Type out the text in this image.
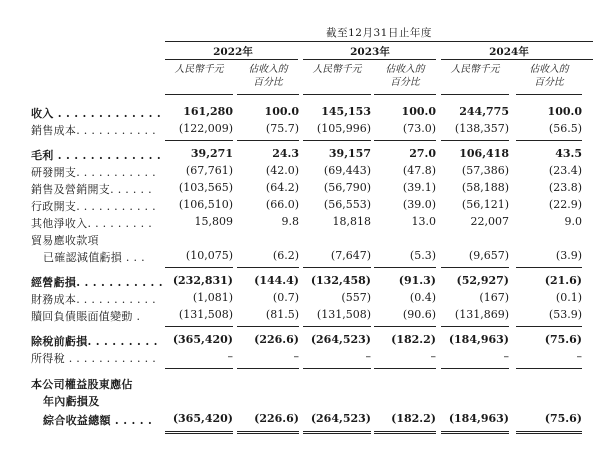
截至12月31日止年度
2022年	2023年	2024年
人民幣千元	佔收入的
百分比
人民幣千元	佔收入的
百分比
人民幣千元	佔收入的
百分比
收入 . . . . . . . . . . . . . 161,280	100.0 145,153	100.0 244,775	100.0
銷售成本. . . . . . . . . . . (122,009)	(75.7) (105,996)	(73.0) (138,357)	(56.5)
毛利 . . . . . . . . . . . . .	39,271	24.3	39,157	27.0 106,418	43.5
研發開支. . . . . . . . . . .	(67,761)	(42.0) (69,443)	(47.8) (57,386)	(23.4)
銷售及營銷開支. . . . . . (103,565)	(64.2) (56,790)	(39.1) (58,188)	(23.8)
行政開支. . . . . . . . . . . (106,510)	(66.0) (56,553)	(39.0) (56,121)	(22.9)
其他淨收入. . . . . . . . .	15,809	9.8	18,818	13.0	22,007	9.0
貿易應收款項
已確認減值虧損 . . .	(10,075)	(6.2)	(7,647)	(5.3)	(9,657)	(3.9)
經營虧損. . . . . . . . . . . (232,831) (144.4) (132,458)	(91.3) (52,927)	(21.6)
財務成本. . . . . . . . . . .	(1,081)	(0.7)	(557)	(0.4)	(167)	(0.1)
贖回負債賬面值變動 .	(131,508)	(81.5) (131,508)	(90.6) (131,869)	(53.9)
除稅前虧損. . . . . . . . . (365,420) (226.6) (264,523) (182.2) (184,963)	(75.6)
所得稅 . . . . . . . . . . . .	–	–	–	–	–	–
本公司權益股東應佔
年內虧損及
綜合收益總額 . . . . . (365,420) (226.6) (264,523) (182.2) (184,963)	(75.6)
